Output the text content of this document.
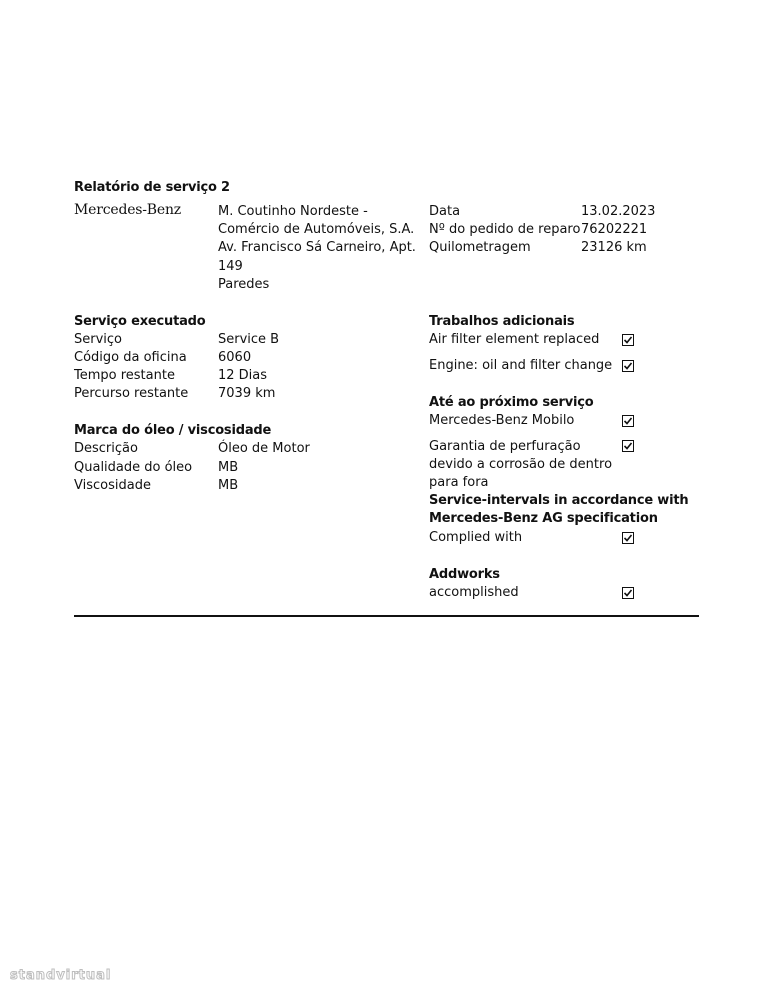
Relatório de serviço 2
Mercedes-Benz	M. Coutinho Nordeste - Comércio de Automóveis, S.A.
Av. Francisco Sá Carneiro, Apt. 149
Paredes
Data	13.02.2023
Nº do pedido de reparo 76202221
Quilometragem	23126 km
Serviço executado
Serviço	Service B
Código da oficina 6060
Tempo restante	12 Dias
Percurso restante 7039 km
Marca do óleo / viscosidade
Descrição	Óleo de Motor
Qualidade do óleo MB
Viscosidade	MB
Trabalhos adicionais
Air filter element replaced
Engine: oil and filter change
Até ao próximo serviço
Mercedes-Benz Mobilo
Garantia de perfuração devido a corrosão de dentro para fora
Service-intervals in accordance with
Mercedes-Benz AG specification
Complied with
Addworks
accomplished
standvirtual
